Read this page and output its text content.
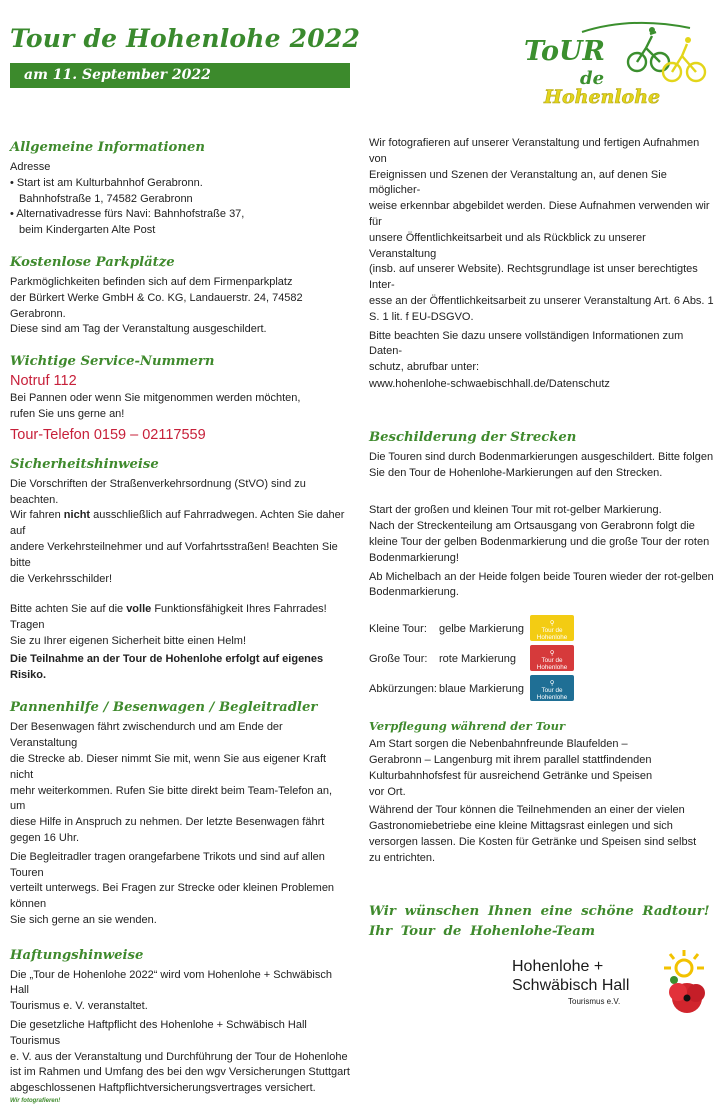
Tour de Hohenlohe 2022
am 11. September 2022
ToUR
de
Hohenlohe
Allgemeine Informationen

Adresse

• Start ist am Kulturbahnhof Gerabronn.

Bahnhofstraße 1, 74582 Gerabronn

• Alternativadresse fürs Navi: Bahnhofstraße 37,

beim Kindergarten Alte Post

Kostenlose Parkplätze

Parkmöglichkeiten befinden sich auf dem Firmenparkplatz

der Bürkert Werke GmbH & Co. KG, Landauerstr. 24, 74582 Gerabronn.

Diese sind am Tag der Veranstaltung ausgeschildert.

Wichtige Service-Nummern

Notruf 112

Bei Pannen oder wenn Sie mitgenommen werden möchten,

rufen Sie uns gerne an!

Tour-Telefon 0159 – 02117559

Sicherheitshinweise

Die Vorschriften der Straßenverkehrsordnung (StVO) sind zu beachten.

Wir fahren nicht ausschließlich auf Fahrradwegen. Achten Sie daher auf

andere Verkehrsteilnehmer und auf Vorfahrtsstraßen! Beachten Sie bitte

die Verkehrsschilder!

Bitte achten Sie auf die volle Funktionsfähigkeit Ihres Fahrrades! Tragen

Sie zu Ihrer eigenen Sicherheit bitte einen Helm!

Die Teilnahme an der Tour de Hohenlohe erfolgt auf eigenes Risiko.

Pannenhilfe / Besenwagen / Begleitradler

Der Besenwagen fährt zwischendurch und am Ende der Veranstaltung

die Strecke ab. Dieser nimmt Sie mit, wenn Sie aus eigener Kraft nicht

mehr weiterkommen. Rufen Sie bitte direkt beim Team-Telefon an, um

diese Hilfe in Anspruch zu nehmen. Der letzte Besenwagen fährt

gegen 16 Uhr.

Die Begleitradler tragen orangefarbene Trikots und sind auf allen Touren

verteilt unterwegs. Bei Fragen zur Strecke oder kleinen Problemen können

Sie sich gerne an sie wenden.

Haftungshinweise

Die „Tour de Hohenlohe 2022“ wird vom Hohenlohe + Schwäbisch Hall

Tourismus e. V. veranstaltet.

Die gesetzliche Haftpflicht des Hohenlohe + Schwäbisch Hall Tourismus

e. V. aus der Veranstaltung und Durchführung der Tour de Hohenlohe

ist im Rahmen und Umfang des bei den wgv Versicherungen Stuttgart

abgeschlossenen Haftpflichtversicherungsvertrages versichert.

Wir fotografieren!

Wir fotografieren auf unserer Veranstaltung und fertigen Aufnahmen von

Ereignissen und Szenen der Veranstaltung an, auf denen Sie möglicher-

weise erkennbar abgebildet werden. Diese Aufnahmen verwenden wir für

unsere Öffentlichkeitsarbeit und als Rückblick zu unserer Veranstaltung

(insb. auf unserer Website). Rechtsgrundlage ist unser berechtigtes Inter-

esse an der Öffentlichkeitsarbeit zu unserer Veranstaltung Art. 6 Abs. 1

S. 1 lit. f EU-DSGVO.

Bitte beachten Sie dazu unsere vollständigen Informationen zum Daten-

schutz, abrufbar unter:

www.hohenlohe-schwaebischhall.de/Datenschutz

Beschilderung der Strecken

Die Touren sind durch Bodenmarkierungen ausgeschildert. Bitte folgen

Sie den Tour de Hohenlohe-Markierungen auf den Strecken.

Start der großen und kleinen Tour mit rot-gelber Markierung.

Nach der Streckenteilung am Ortsausgang von Gerabronn folgt die

kleine Tour der gelben Bodenmarkierung und die große Tour der roten

Bodenmarkierung!

Ab Michelbach an der Heide folgen beide Touren wieder der rot-gelben

Bodenmarkierung.

Kleine Tour: gelbe Markierung	⚲
Tour de
Hohenlohe
Große Tour: rote Markierung	⚲
Tour de
Hohenlohe
Abkürzungen: blaue Markierung	⚲
Tour de
Hohenlohe
Verpflegung während der Tour

Am Start sorgen die Nebenbahnfreunde Blaufelden –

Gerabronn – Langenburg mit ihrem parallel stattfindenden

Kulturbahnhofsfest für ausreichend Getränke und Speisen

vor Ort.

Während der Tour können die Teilnehmenden an einer der vielen

Gastronomiebetriebe eine kleine Mittagsrast einlegen und sich

versorgen lassen. Die Kosten für Getränke und Speisen sind selbst

zu entrichten.

Wir wünschen Ihnen eine schöne Radtour!
Ihr Tour de Hohenlohe-Team
Hohenlohe +
Schwäbisch Hall
Tourismus e.V.
